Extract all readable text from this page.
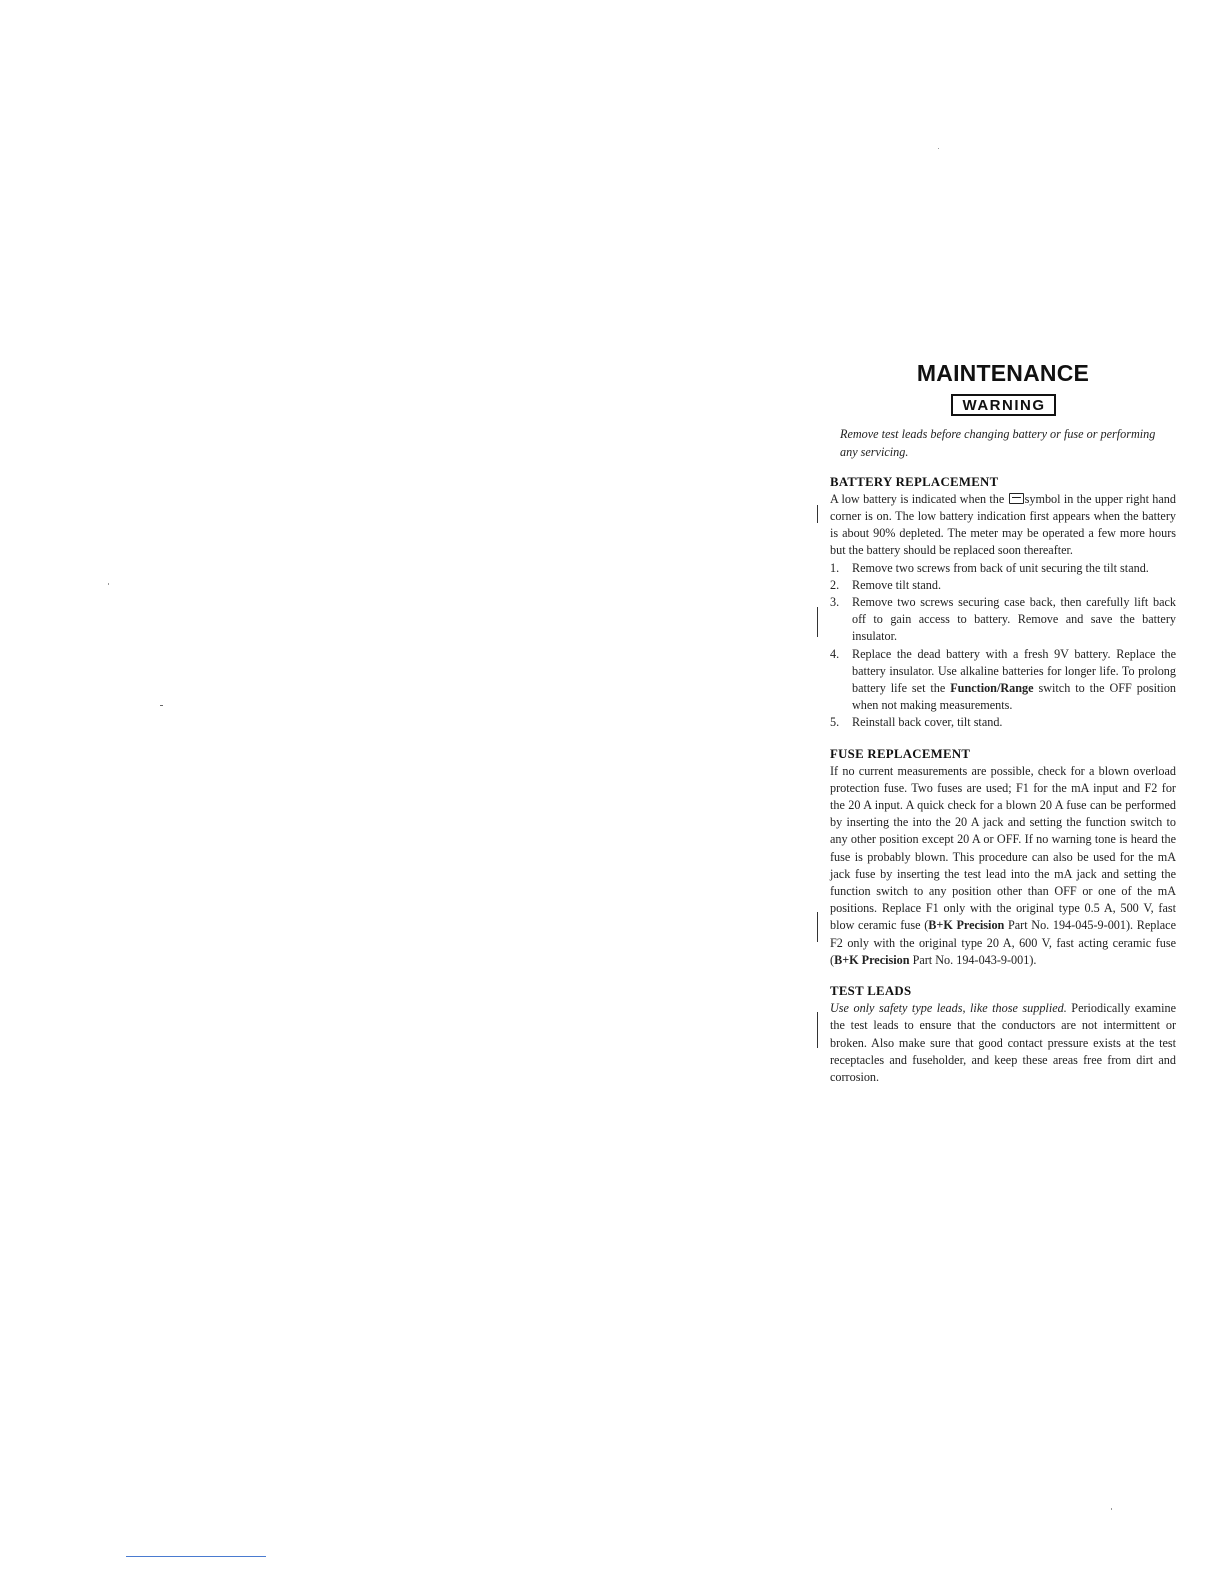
MAINTENANCE
WARNING

Remove test leads before changing battery or fuse or performing any servicing.

BATTERY REPLACEMENT

A low battery is indicated when the symbol in the upper right hand corner is on. The low battery indication first appears when the battery is about 90% depleted. The meter may be operated a few more hours but the battery should be replaced soon thereafter.

1.	Remove two screws from back of unit securing the tilt stand.
2.	Remove tilt stand.
3.	Remove two screws securing case back, then carefully lift back off to gain access to battery. Remove and save the battery insulator.
4.	Replace the dead battery with a fresh 9V battery. Replace the battery insulator. Use alkaline batteries for longer life. To prolong battery life set the Function/Range switch to the OFF position when not making measurements.
5.	Reinstall back cover, tilt stand.
FUSE REPLACEMENT

If no current measurements are possible, check for a blown overload protection fuse. Two fuses are used; F1 for the mA input and F2 for the 20 A input. A quick check for a blown 20 A fuse can be performed by inserting the into the 20 A jack and setting the function switch to any other position except 20 A or OFF. If no warning tone is heard the fuse is probably blown. This procedure can also be used for the mA jack fuse by inserting the test lead into the mA jack and setting the function switch to any position other than OFF or one of the mA positions. Replace F1 only with the original type 0.5 A, 500 V, fast blow ceramic fuse (B+K Precision Part No. 194-045-9-001). Replace F2 only with the original type 20 A, 600 V, fast acting ceramic fuse (B+K Precision Part No. 194-043-9-001).

TEST LEADS

Use only safety type leads, like those supplied. Periodically examine the test leads to ensure that the conductors are not intermittent or broken. Also make sure that good contact pressure exists at the test receptacles and fuseholder, and keep these areas free from dirt and corrosion.
